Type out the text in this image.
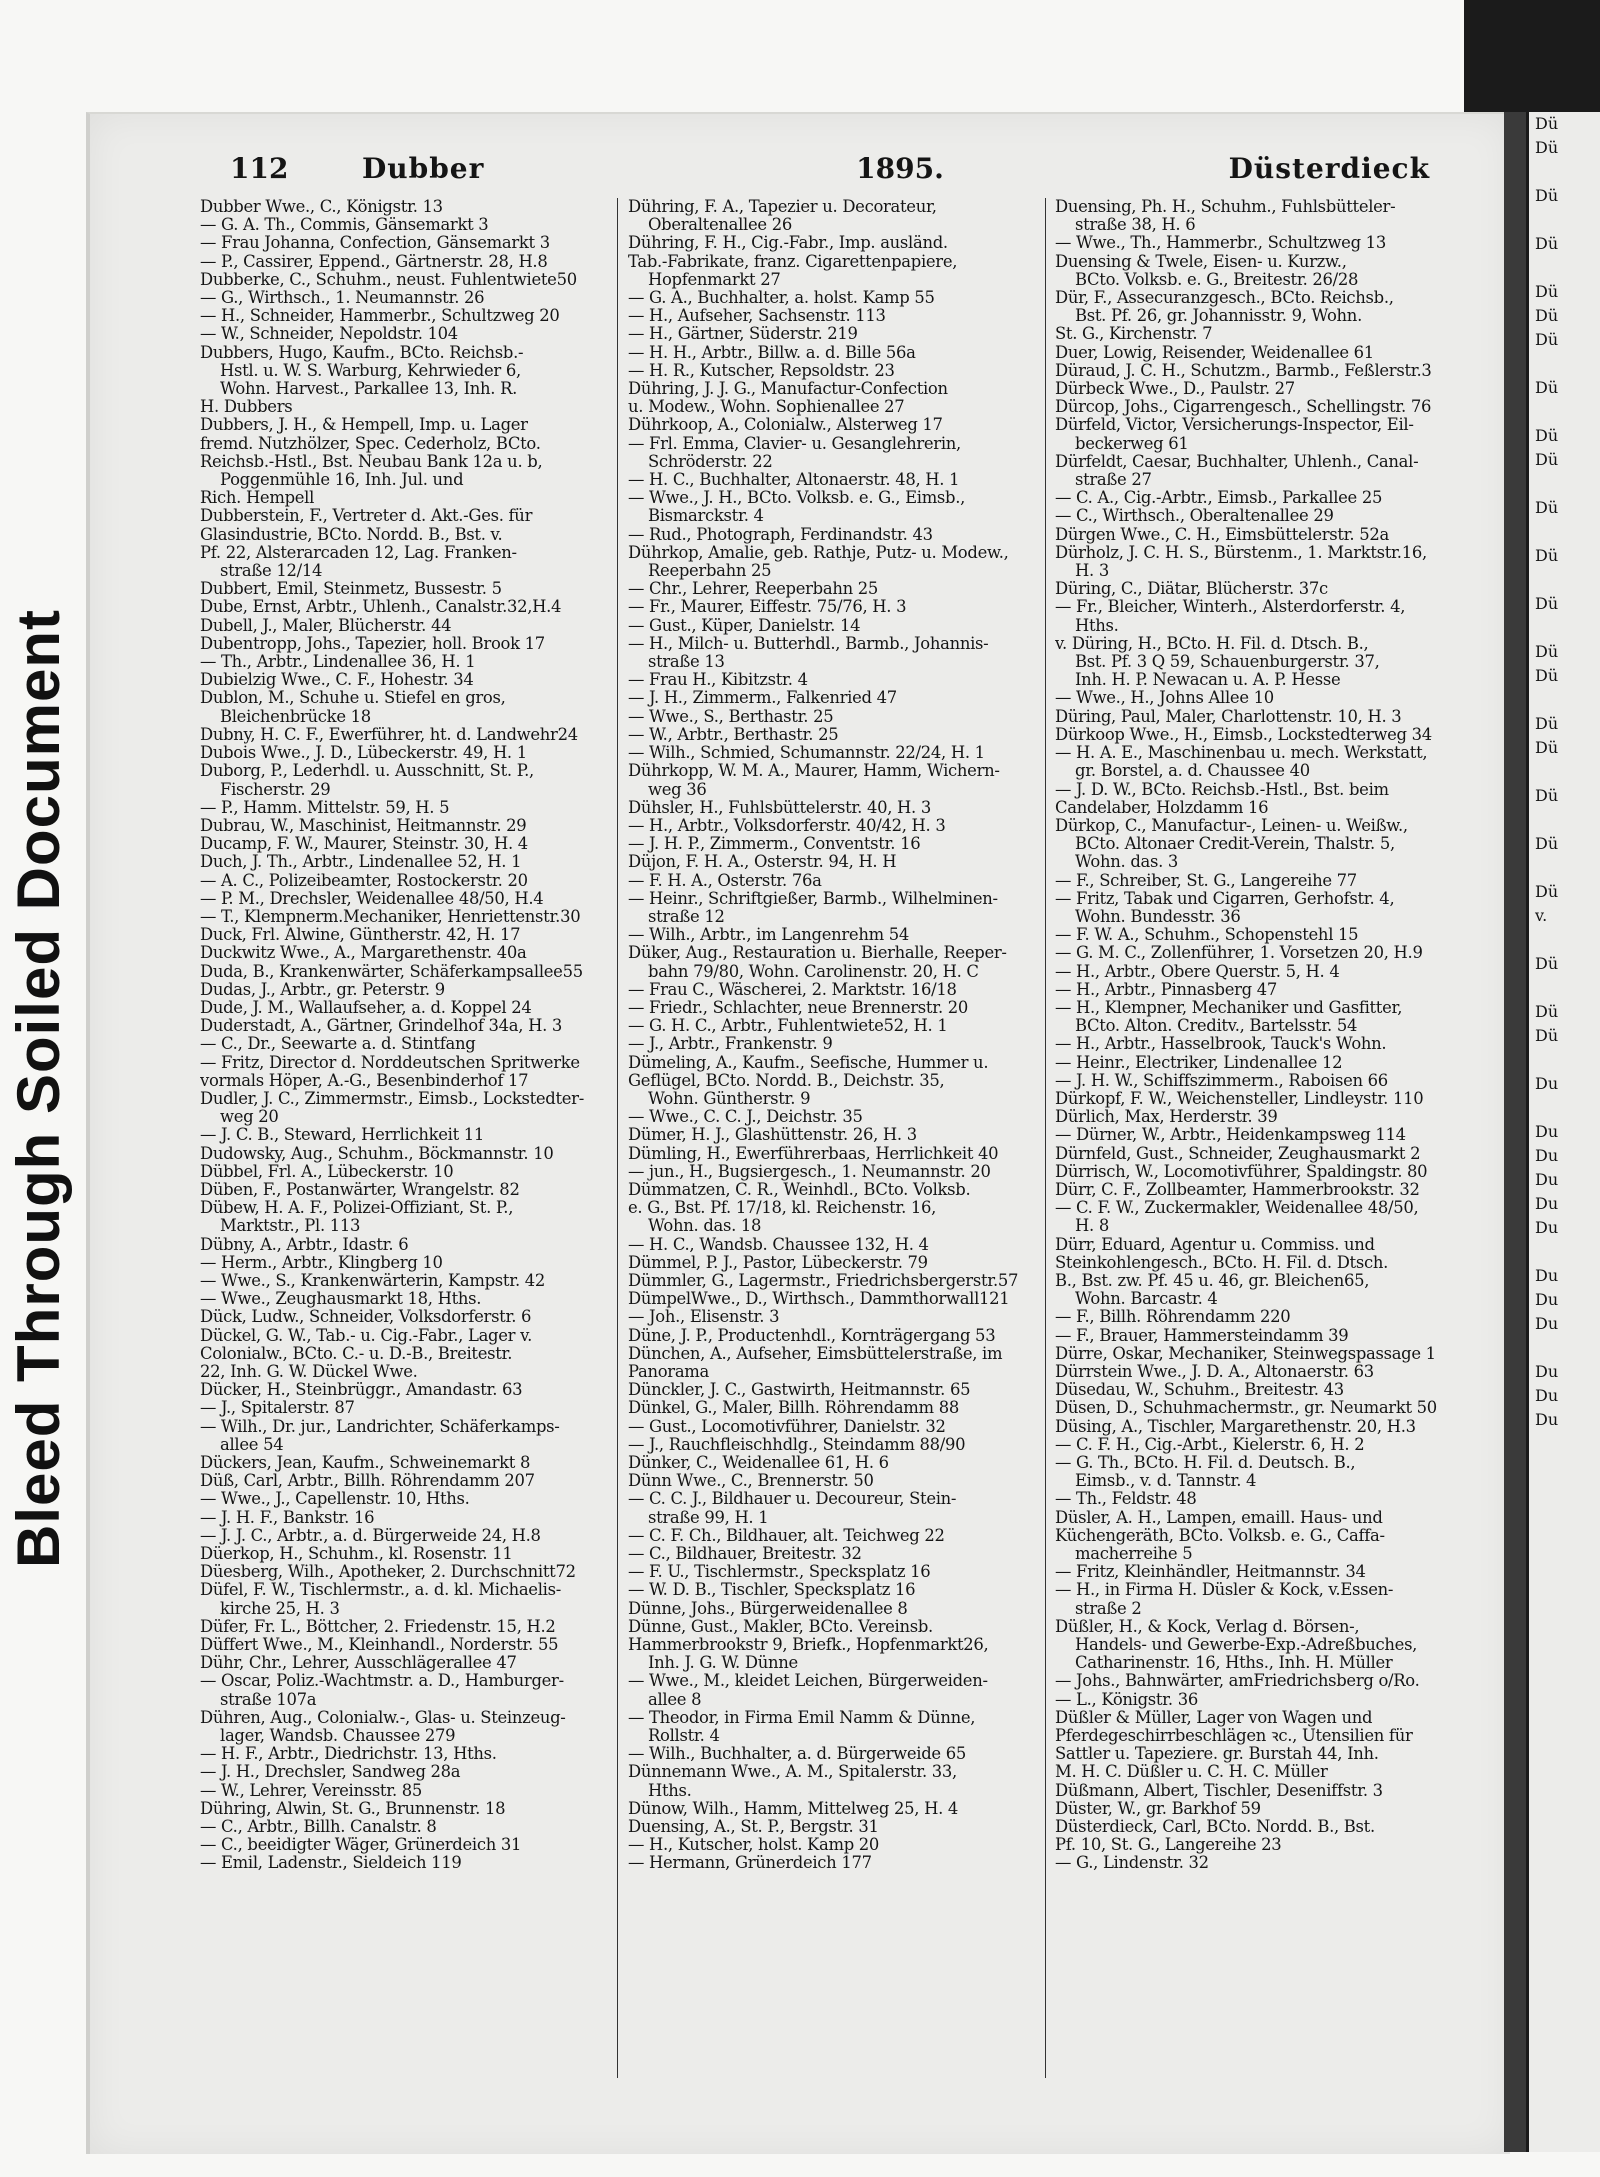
Bleed Through Soiled Document
Dü
Dü

Dü

Dü

Dü
Dü
Dü

Dü

Dü
Dü

Dü

Dü

Dü

Dü
Dü

Dü
Dü

Dü

Dü

Dü
v.

Dü

Dü
Dü

Du

Du
Du
Du
Du
Du

Du
Du
Du

Du
Du
Du
112	Dubber	1895.	Düsterdieck
Dubber Wwe., C., Königstr. 13
— G. A. Th., Commis, Gänsemarkt 3
— Frau Johanna, Confection, Gänsemarkt 3
— P., Cassirer, Eppend., Gärtnerstr. 28, H.8
Dubberke, C., Schuhm., neust. Fuhlentwiete50
— G., Wirthsch., 1. Neumannstr. 26
— H., Schneider, Hammerbr., Schultzweg 20
— W., Schneider, Nepoldstr. 104
Dubbers, Hugo, Kaufm., BCto. Reichsb.-
Hstl. u. W. S. Warburg, Kehrwieder 6,
Wohn. Harvest., Parkallee 13, Inh. R.
H. Dubbers
Dubbers, J. H., & Hempell, Imp. u. Lager
fremd. Nutzhölzer, Spec. Cederholz, BCto.
Reichsb.-Hstl., Bst. Neubau Bank 12a u. b,
Poggenmühle 16, Inh. Jul. und
Rich. Hempell
Dubberstein, F., Vertreter d. Akt.-Ges. für
Glasindustrie, BCto. Nordd. B., Bst. v.
Pf. 22, Alsterarcaden 12, Lag. Franken-
straße 12/14
Dubbert, Emil, Steinmetz, Bussestr. 5
Dube, Ernst, Arbtr., Uhlenh., Canalstr.32,H.4
Dubell, J., Maler, Blücherstr. 44
Dubentropp, Johs., Tapezier, holl. Brook 17
— Th., Arbtr., Lindenallee 36, H. 1
Dubielzig Wwe., C. F., Hohestr. 34
Dublon, M., Schuhe u. Stiefel en gros,
Bleichenbrücke 18
Dubny, H. C. F., Ewerführer, ht. d. Landwehr24
Dubois Wwe., J. D., Lübeckerstr. 49, H. 1
Duborg, P., Lederhdl. u. Ausschnitt, St. P.,
Fischerstr. 29
— P., Hamm. Mittelstr. 59, H. 5
Dubrau, W., Maschinist, Heitmannstr. 29
Ducamp, F. W., Maurer, Steinstr. 30, H. 4
Duch, J. Th., Arbtr., Lindenallee 52, H. 1
— A. C., Polizeibeamter, Rostockerstr. 20
— P. M., Drechsler, Weidenallee 48/50, H.4
— T., Klempnerm.Mechaniker, Henriettenstr.30
Duck, Frl. Alwine, Güntherstr. 42, H. 17
Duckwitz Wwe., A., Margarethenstr. 40a
Duda, B., Krankenwärter, Schäferkampsallee55
Dudas, J., Arbtr., gr. Peterstr. 9
Dude, J. M., Wallaufseher, a. d. Koppel 24
Duderstadt, A., Gärtner, Grindelhof 34a, H. 3
— C., Dr., Seewarte a. d. Stintfang
— Fritz, Director d. Norddeutschen Spritwerke
vormals Höper, A.-G., Besenbinderhof 17
Dudler, J. C., Zimmermstr., Eimsb., Lockstedter-
weg 20
— J. C. B., Steward, Herrlichkeit 11
Dudowsky, Aug., Schuhm., Böckmannstr. 10
Dübbel, Frl. A., Lübeckerstr. 10
Düben, F., Postanwärter, Wrangelstr. 82
Dübew, H. A. F., Polizei-Offiziant, St. P.,
Marktstr., Pl. 113
Dübny, A., Arbtr., Idastr. 6
— Herm., Arbtr., Klingberg 10
— Wwe., S., Krankenwärterin, Kampstr. 42
— Wwe., Zeughausmarkt 18, Hths.
Dück, Ludw., Schneider, Volksdorferstr. 6
Dückel, G. W., Tab.- u. Cig.-Fabr., Lager v.
Colonialw., BCto. C.- u. D.-B., Breitestr.
22, Inh. G. W. Dückel Wwe.
Dücker, H., Steinbrüggr., Amandastr. 63
— J., Spitalerstr. 87
— Wilh., Dr. jur., Landrichter, Schäferkamps-
allee 54
Dückers, Jean, Kaufm., Schweinemarkt 8
Düß, Carl, Arbtr., Billh. Röhrendamm 207
— Wwe., J., Capellenstr. 10, Hths.
— J. H. F., Bankstr. 16
— J. J. C., Arbtr., a. d. Bürgerweide 24, H.8
Düerkop, H., Schuhm., kl. Rosenstr. 11
Düesberg, Wilh., Apotheker, 2. Durchschnitt72
Düfel, F. W., Tischlermstr., a. d. kl. Michaelis-
kirche 25, H. 3
Düfer, Fr. L., Böttcher, 2. Friedenstr. 15, H.2
Düffert Wwe., M., Kleinhandl., Norderstr. 55
Dühr, Chr., Lehrer, Ausschlägerallee 47
— Oscar, Poliz.-Wachtmstr. a. D., Hamburger-
straße 107a
Dühren, Aug., Colonialw.-, Glas- u. Steinzeug-
lager, Wandsb. Chaussee 279
— H. F., Arbtr., Diedrichstr. 13, Hths.
— J. H., Drechsler, Sandweg 28a
— W., Lehrer, Vereinsstr. 85
Dühring, Alwin, St. G., Brunnenstr. 18
— C., Arbtr., Billh. Canalstr. 8
— C., beeidigter Wäger, Grünerdeich 31
— Emil, Ladenstr., Sieldeich 119
Dühring, F. A., Tapezier u. Decorateur,
Oberaltenallee 26
Dühring, F. H., Cig.-Fabr., Imp. ausländ.
Tab.-Fabrikate, franz. Cigarettenpapiere,
Hopfenmarkt 27
— G. A., Buchhalter, a. holst. Kamp 55
— H., Aufseher, Sachsenstr. 113
— H., Gärtner, Süderstr. 219
— H. H., Arbtr., Billw. a. d. Bille 56a
— H. R., Kutscher, Repsoldstr. 23
Dühring, J. J. G., Manufactur-Confection
u. Modew., Wohn. Sophienallee 27
Dührkoop, A., Colonialw., Alsterweg 17
— Frl. Emma, Clavier- u. Gesanglehrerin,
Schröderstr. 22
— H. C., Buchhalter, Altonaerstr. 48, H. 1
— Wwe., J. H., BCto. Volksb. e. G., Eimsb.,
Bismarckstr. 4
— Rud., Photograph, Ferdinandstr. 43
Dührkop, Amalie, geb. Rathje, Putz- u. Modew.,
Reeperbahn 25
— Chr., Lehrer, Reeperbahn 25
— Fr., Maurer, Eiffestr. 75/76, H. 3
— Gust., Küper, Danielstr. 14
— H., Milch- u. Butterhdl., Barmb., Johannis-
straße 13
— Frau H., Kibitzstr. 4
— J. H., Zimmerm., Falkenried 47
— Wwe., S., Berthastr. 25
— W., Arbtr., Berthastr. 25
— Wilh., Schmied, Schumannstr. 22/24, H. 1
Dührkopp, W. M. A., Maurer, Hamm, Wichern-
weg 36
Dühsler, H., Fuhlsbüttelerstr. 40, H. 3
— H., Arbtr., Volksdorferstr. 40/42, H. 3
— J. H. P., Zimmerm., Conventstr. 16
Düjon, F. H. A., Osterstr. 94, H. H
— F. H. A., Osterstr. 76a
— Heinr., Schriftgießer, Barmb., Wilhelminen-
straße 12
— Wilh., Arbtr., im Langenrehm 54
Düker, Aug., Restauration u. Bierhalle, Reeper-
bahn 79/80, Wohn. Carolinenstr. 20, H. C
— Frau C., Wäscherei, 2. Marktstr. 16/18
— Friedr., Schlachter, neue Brennerstr. 20
— G. H. C., Arbtr., Fuhlentwiete52, H. 1
— J., Arbtr., Frankenstr. 9
Dümeling, A., Kaufm., Seefische, Hummer u.
Geflügel, BCto. Nordd. B., Deichstr. 35,
Wohn. Güntherstr. 9
— Wwe., C. C. J., Deichstr. 35
Dümer, H. J., Glashüttenstr. 26, H. 3
Dümling, H., Ewerführerbaas, Herrlichkeit 40
— jun., H., Bugsiergesch., 1. Neumannstr. 20
Dümmatzen, C. R., Weinhdl., BCto. Volksb.
e. G., Bst. Pf. 17/18, kl. Reichenstr. 16,
Wohn. das. 18
— H. C., Wandsb. Chaussee 132, H. 4
Dümmel, P. J., Pastor, Lübeckerstr. 79
Dümmler, G., Lagermstr., Friedrichsbergerstr.57
DümpelWwe., D., Wirthsch., Dammthorwall121
— Joh., Elisenstr. 3
Düne, J. P., Productenhdl., Kornträgergang 53
Dünchen, A., Aufseher, Eimsbüttelerstraße, im
Panorama
Dünckler, J. C., Gastwirth, Heitmannstr. 65
Dünkel, G., Maler, Billh. Röhrendamm 88
— Gust., Locomotivführer, Danielstr. 32
— J., Rauchfleischhdlg., Steindamm 88/90
Dünker, C., Weidenallee 61, H. 6
Dünn Wwe., C., Brennerstr. 50
— C. C. J., Bildhauer u. Decoureur, Stein-
straße 99, H. 1
— C. F. Ch., Bildhauer, alt. Teichweg 22
— C., Bildhauer, Breitestr. 32
— F. U., Tischlermstr., Specksplatz 16
— W. D. B., Tischler, Specksplatz 16
Dünne, Johs., Bürgerweidenallee 8
Dünne, Gust., Makler, BCto. Vereinsb.
Hammerbrookstr 9, Briefk., Hopfenmarkt26,
Inh. J. G. W. Dünne
— Wwe., M., kleidet Leichen, Bürgerweiden-
allee 8
— Theodor, in Firma Emil Namm & Dünne,
Rollstr. 4
— Wilh., Buchhalter, a. d. Bürgerweide 65
Dünnemann Wwe., A. M., Spitalerstr. 33,
Hths.
Dünow, Wilh., Hamm, Mittelweg 25, H. 4
Duensing, A., St. P., Bergstr. 31
— H., Kutscher, holst. Kamp 20
— Hermann, Grünerdeich 177
Duensing, Ph. H., Schuhm., Fuhlsbütteler-
straße 38, H. 6
— Wwe., Th., Hammerbr., Schultzweg 13
Duensing & Twele, Eisen- u. Kurzw.,
BCto. Volksb. e. G., Breitestr. 26/28
Dür, F., Assecuranzgesch., BCto. Reichsb.,
Bst. Pf. 26, gr. Johannisstr. 9, Wohn.
St. G., Kirchenstr. 7
Duer, Lowig, Reisender, Weidenallee 61
Düraud, J. C. H., Schutzm., Barmb., Feßlerstr.3
Dürbeck Wwe., D., Paulstr. 27
Dürcop, Johs., Cigarrengesch., Schellingstr. 76
Dürfeld, Victor, Versicherungs-Inspector, Eil-
beckerweg 61
Dürfeldt, Caesar, Buchhalter, Uhlenh., Canal-
straße 27
— C. A., Cig.-Arbtr., Eimsb., Parkallee 25
— C., Wirthsch., Oberaltenallee 29
Dürgen Wwe., C. H., Eimsbüttelerstr. 52a
Dürholz, J. C. H. S., Bürstenm., 1. Marktstr.16,
H. 3
Düring, C., Diätar, Blücherstr. 37c
— Fr., Bleicher, Winterh., Alsterdorferstr. 4,
Hths.
v. Düring, H., BCto. H. Fil. d. Dtsch. B.,
Bst. Pf. 3 Q 59, Schauenburgerstr. 37,
Inh. H. P. Newacan u. A. P. Hesse
— Wwe., H., Johns Allee 10
Düring, Paul, Maler, Charlottenstr. 10, H. 3
Dürkoop Wwe., H., Eimsb., Lockstedterweg 34
— H. A. E., Maschinenbau u. mech. Werkstatt,
gr. Borstel, a. d. Chaussee 40
— J. D. W., BCto. Reichsb.-Hstl., Bst. beim
Candelaber, Holzdamm 16
Dürkop, C., Manufactur-, Leinen- u. Weißw.,
BCto. Altonaer Credit-Verein, Thalstr. 5,
Wohn. das. 3
— F., Schreiber, St. G., Langereihe 77
— Fritz, Tabak und Cigarren, Gerhofstr. 4,
Wohn. Bundesstr. 36
— F. W. A., Schuhm., Schopenstehl 15
— G. M. C., Zollenführer, 1. Vorsetzen 20, H.9
— H., Arbtr., Obere Querstr. 5, H. 4
— H., Arbtr., Pinnasberg 47
— H., Klempner, Mechaniker und Gasfitter,
BCto. Alton. Creditv., Bartelsstr. 54
— H., Arbtr., Hasselbrook, Tauck's Wohn.
— Heinr., Electriker, Lindenallee 12
— J. H. W., Schiffszimmerm., Raboisen 66
Dürkopf, F. W., Weichensteller, Lindleystr. 110
Dürlich, Max, Herderstr. 39
— Dürner, W., Arbtr., Heidenkampsweg 114
Dürnfeld, Gust., Schneider, Zeughausmarkt 2
Dürrisch, W., Locomotivführer, Spaldingstr. 80
Dürr, C. F., Zollbeamter, Hammerbrookstr. 32
— C. F. W., Zuckermakler, Weidenallee 48/50,
H. 8
Dürr, Eduard, Agentur u. Commiss. und
Steinkohlengesch., BCto. H. Fil. d. Dtsch.
B., Bst. zw. Pf. 45 u. 46, gr. Bleichen65,
Wohn. Barcastr. 4
— F., Billh. Röhrendamm 220
— F., Brauer, Hammersteindamm 39
Dürre, Oskar, Mechaniker, Steinwegspassage 1
Dürrstein Wwe., J. D. A., Altonaerstr. 63
Düsedau, W., Schuhm., Breitestr. 43
Düsen, D., Schuhmachermstr., gr. Neumarkt 50
Düsing, A., Tischler, Margarethenstr. 20, H.3
— C. F. H., Cig.-Arbt., Kielerstr. 6, H. 2
— G. Th., BCto. H. Fil. d. Deutsch. B.,
Eimsb., v. d. Tannstr. 4
— Th., Feldstr. 48
Düsler, A. H., Lampen, emaill. Haus- und
Küchengeräth, BCto. Volksb. e. G., Caffa-
macherreihe 5
— Fritz, Kleinhändler, Heitmannstr. 34
— H., in Firma H. Düsler & Kock, v.Essen-
straße 2
Düßler, H., & Kock, Verlag d. Börsen-,
Handels- und Gewerbe-Exp.-Adreßbuches,
Catharinenstr. 16, Hths., Inh. H. Müller
— Johs., Bahnwärter, amFriedrichsberg o/Ro.
— L., Königstr. 36
Düßler & Müller, Lager von Wagen und
Pferdegeschirrbeschlägen ꝛc., Utensilien für
Sattler u. Tapeziere. gr. Burstah 44, Inh.
M. H. C. Düßler u. C. H. C. Müller
Düßmann, Albert, Tischler, Deseniffstr. 3
Düster, W., gr. Barkhof 59
Düsterdieck, Carl, BCto. Nordd. B., Bst.
Pf. 10, St. G., Langereihe 23
— G., Lindenstr. 32
